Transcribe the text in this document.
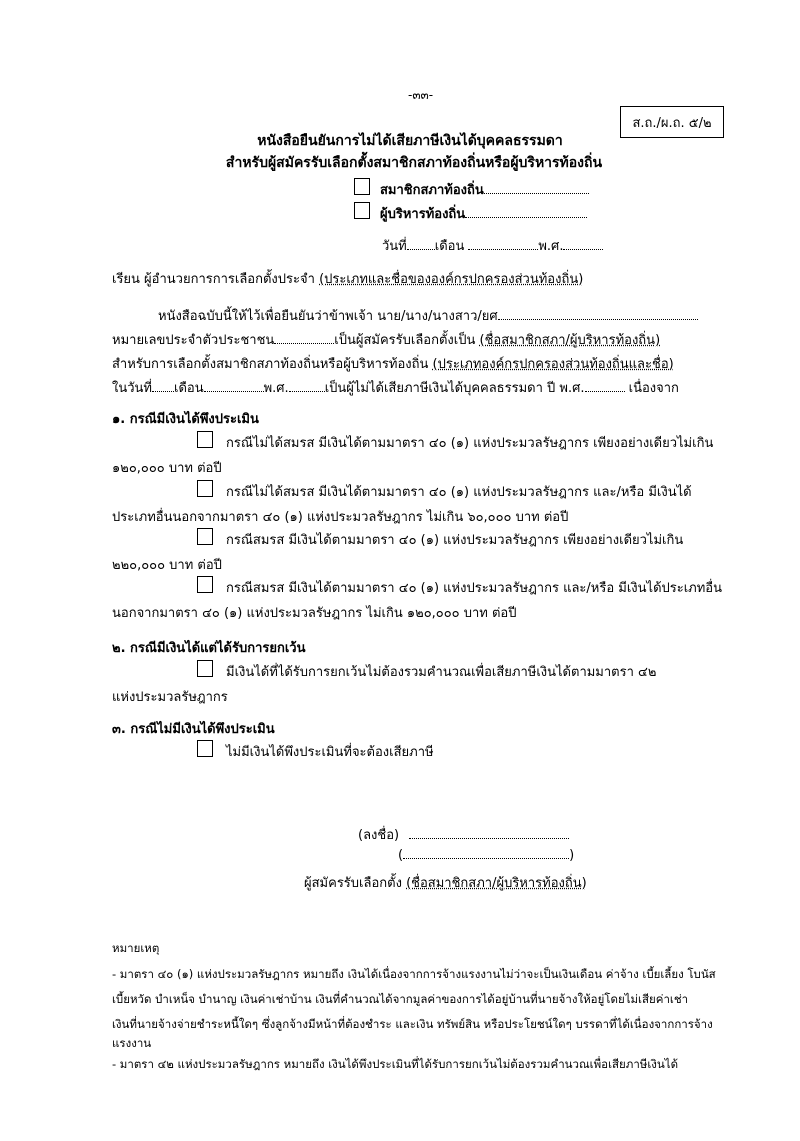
-๓๓-
ส.ถ./ผ.ถ. ๕/๒
หนังสือยืนยันการไม่ได้เสียภาษีเงินได้บุคคลธรรมดา
สำหรับผู้สมัครรับเลือกตั้งสมาชิกสภาท้องถิ่นหรือผู้บริหารท้องถิ่น
สมาชิกสภาท้องถิ่น
ผู้บริหารท้องถิ่น
วันที่ เดือน	พ.ศ.
เรียน ผู้อำนวยการการเลือกตั้งประจำ (ประเภทและชื่อขององค์กรปกครองส่วนท้องถิ่น)
หนังสือฉบับนี้ให้ไว้เพื่อยืนยันว่าข้าพเจ้า นาย/นาง/นางสาว/ยศ
หมายเลขประจำตัวประชาชน	เป็นผู้สมัครรับเลือกตั้งเป็น (ชื่อสมาชิกสภา/ผู้บริหารท้องถิ่น)
สำหรับการเลือกตั้งสมาชิกสภาท้องถิ่นหรือผู้บริหารท้องถิ่น (ประเภทองค์กรปกครองส่วนท้องถิ่นและชื่อ)
ในวันที่ เดือน	พ.ศ.	เป็นผู้ไม่ได้เสียภาษีเงินได้บุคคลธรรมดา ปี พ.ศ.	เนื่องจาก
๑. กรณีมีเงินได้พึงประเมิน
กรณีไม่ได้สมรส มีเงินได้ตามมาตรา ๔๐ (๑) แห่งประมวลรัษฎากร เพียงอย่างเดียวไม่เกิน
๑๒๐,๐๐๐ บาท ต่อปี
กรณีไม่ได้สมรส มีเงินได้ตามมาตรา ๔๐ (๑) แห่งประมวลรัษฎากร และ/หรือ มีเงินได้
ประเภทอื่นนอกจากมาตรา ๔๐ (๑) แห่งประมวลรัษฎากร ไม่เกิน ๖๐,๐๐๐ บาท ต่อปี
กรณีสมรส มีเงินได้ตามมาตรา ๔๐ (๑) แห่งประมวลรัษฎากร เพียงอย่างเดียวไม่เกิน
๒๒๐,๐๐๐ บาท ต่อปี
กรณีสมรส มีเงินได้ตามมาตรา ๔๐ (๑) แห่งประมวลรัษฎากร และ/หรือ มีเงินได้ประเภทอื่น
นอกจากมาตรา ๔๐ (๑) แห่งประมวลรัษฎากร ไม่เกิน ๑๒๐,๐๐๐ บาท ต่อปี
๒. กรณีมีเงินได้แต่ได้รับการยกเว้น
มีเงินได้ที่ได้รับการยกเว้นไม่ต้องรวมคำนวณเพื่อเสียภาษีเงินได้ตามมาตรา ๔๒
แห่งประมวลรัษฎากร
๓. กรณีไม่มีเงินได้พึงประเมิน
ไม่มีเงินได้พึงประเมินที่จะต้องเสียภาษี
(ลงชื่อ)
(	)
ผู้สมัครรับเลือกตั้ง (ชื่อสมาชิกสภา/ผู้บริหารท้องถิ่น)
หมายเหตุ
- มาตรา ๔๐ (๑) แห่งประมวลรัษฎากร หมายถึง เงินได้เนื่องจากการจ้างแรงงานไม่ว่าจะเป็นเงินเดือน ค่าจ้าง เบี้ยเลี้ยง โบนัส
เบี้ยหวัด บำเหน็จ บำนาญ เงินค่าเช่าบ้าน เงินที่คำนวณได้จากมูลค่าของการได้อยู่บ้านที่นายจ้างให้อยู่โดยไม่เสียค่าเช่า
เงินที่นายจ้างจ่ายชำระหนี้ใดๆ ซึ่งลูกจ้างมีหน้าที่ต้องชำระ และเงิน ทรัพย์สิน หรือประโยชน์ใดๆ บรรดาที่ได้เนื่องจากการจ้าง
แรงงาน
- มาตรา ๔๒ แห่งประมวลรัษฎากร หมายถึง เงินได้พึงประเมินที่ได้รับการยกเว้นไม่ต้องรวมคำนวณเพื่อเสียภาษีเงินได้
